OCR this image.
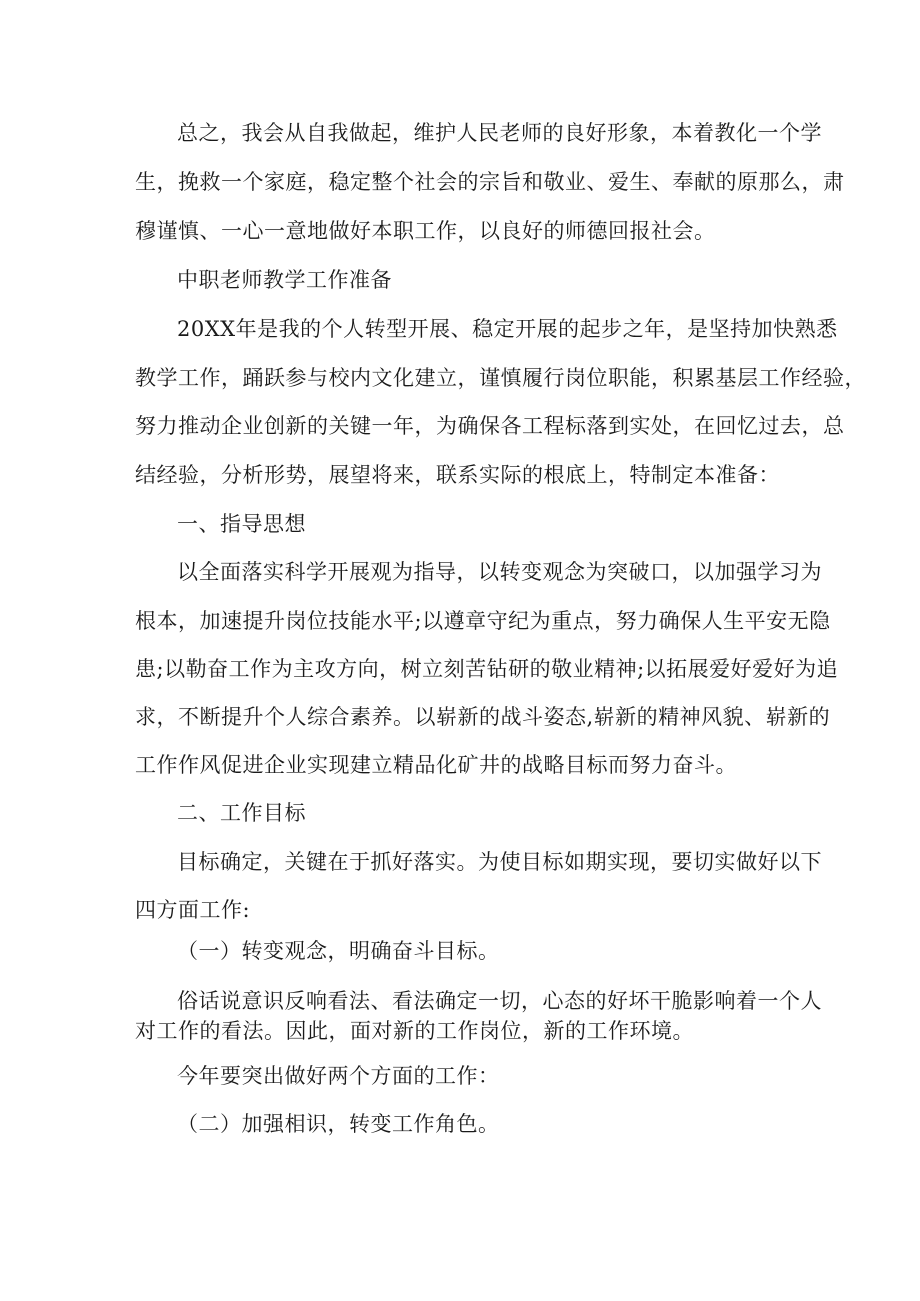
总之，我会从自我做起，维护人民老师的良好形象，本着教化一个学
生，挽救一个家庭，稳定整个社会的宗旨和敬业、爱生、奉献的原那么，肃
穆谨慎、一心一意地做好本职工作，以良好的师德回报社会。
中职老师教学工作准备
20XX年是我的个人转型开展、稳定开展的起步之年，是坚持加快熟悉
教学工作，踊跃参与校内文化建立，谨慎履行岗位职能，积累基层工作经验，
努力推动企业创新的关键一年，为确保各工程标落到实处，在回忆过去，总
结经验，分析形势，展望将来，联系实际的根底上，特制定本准备：
一、指导思想
以全面落实科学开展观为指导，以转变观念为突破口，以加强学习为
根本，加速提升岗位技能水平;以遵章守纪为重点，努力确保人生平安无隐
患;以勒奋工作为主攻方向，树立刻苦钻研的敬业精神;以拓展爱好爱好为追
求，不断提升个人综合素养。以崭新的战斗姿态,崭新的精神风貌、崭新的
工作作风促进企业实现建立精品化矿井的战略目标而努力奋斗。
二、工作目标
目标确定，关键在于抓好落实。为使目标如期实现，要切实做好以下
四方面工作:
（一）转变观念，明确奋斗目标。
俗话说意识反响看法、看法确定一切，心态的好坏干脆影响着一个人
对工作的看法。因此，面对新的工作岗位，新的工作环境。
今年要突出做好两个方面的工作：
（二）加强相识，转变工作角色。
